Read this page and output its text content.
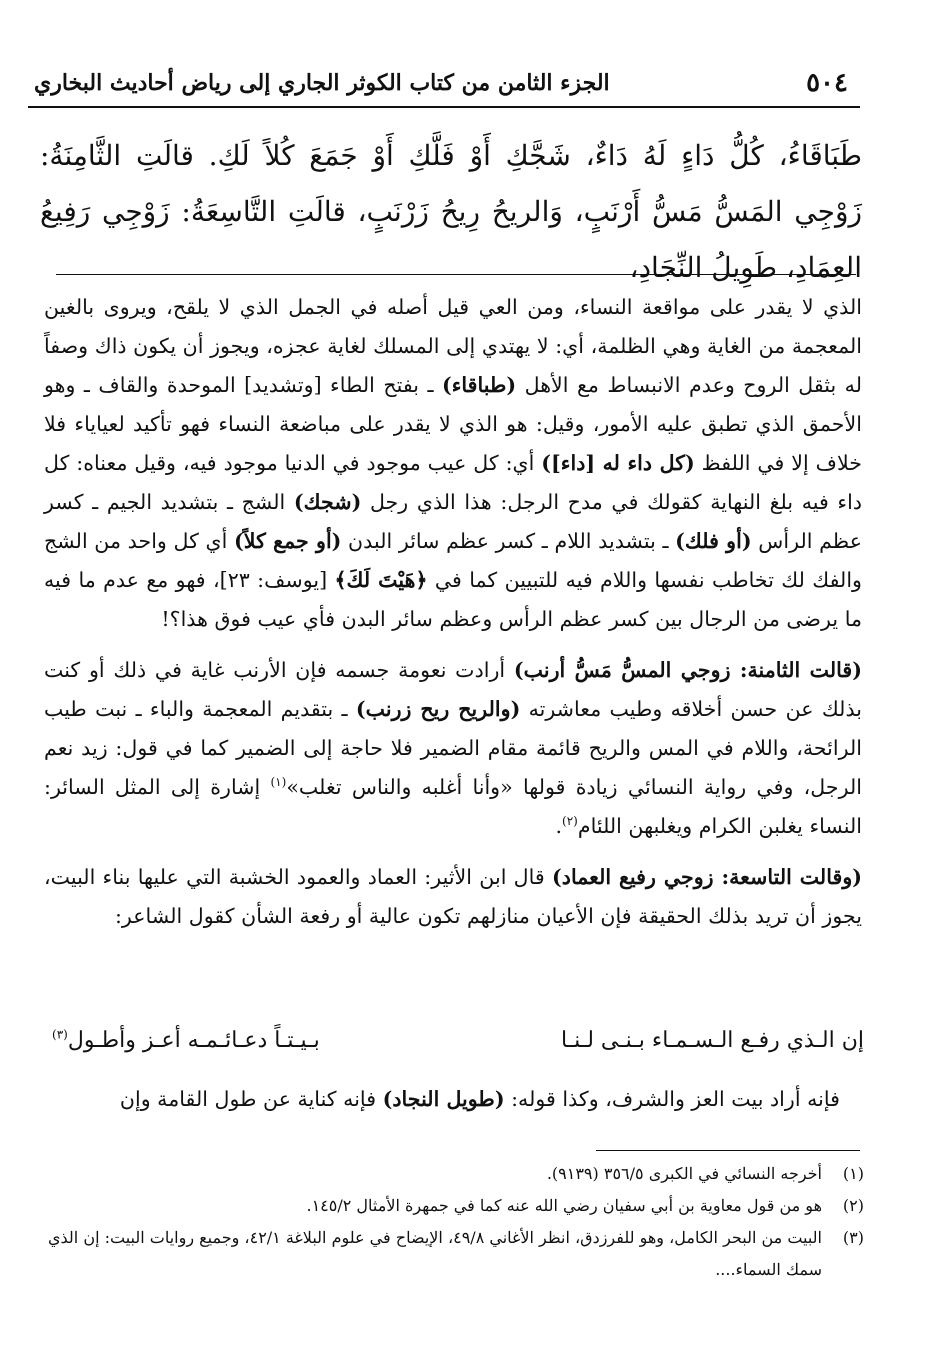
٥٠٤
الجزء الثامن من كتاب الكوثر الجاري إلى رياض أحاديث البخاري
طَبَاقَاءُ، كُلُّ دَاءٍ لَهُ دَاءٌ، شَجَّكِ أَوْ فَلَّكِ أَوْ جَمَعَ كُلاً لَكِ. قالَتِ الثَّامِنَةُ: زَوْجِي المَسُّ مَسُّ أَرْنَبٍ، وَالريحُ رِيحُ زَرْنَبٍ، قالَتِ التَّاسِعَةُ: زَوْجِي رَفِيعُ العِمَادِ، طَوِيلُ النِّجَادِ،

الذي لا يقدر على مواقعة النساء، ومن العي قيل أصله في الجمل الذي لا يلقح، ويروى بالغين المعجمة من الغاية وهي الظلمة، أي: لا يهتدي إلى المسلك لغاية عجزه، ويجوز أن يكون ذاك وصفاً له بثقل الروح وعدم الانبساط مع الأهل (طباقاء) ـ بفتح الطاء [وتشديد] الموحدة والقاف ـ وهو الأحمق الذي تطبق عليه الأمور، وقيل: هو الذي لا يقدر على مباضعة النساء فهو تأكيد لعياياء فلا خلاف إلا في اللفظ (كل داء له [داء]) أي: كل عيب موجود في الدنيا موجود فيه، وقيل معناه: كل داء فيه بلغ النهاية كقولك في مدح الرجل: هذا الذي رجل (شجك) الشج ـ بتشديد الجيم ـ كسر عظم الرأس (أو فلك) ـ بتشديد اللام ـ كسر عظم سائر البدن (أو جمع كلاً) أي كل واحد من الشج والفك لك تخاطب نفسها واللام فيه للتبيين كما في ﴿هَيْتَ لَكَ﴾ [يوسف: ٢٣]، فهو مع عدم ما فيه ما يرضى من الرجال بين كسر عظم الرأس وعظم سائر البدن فأي عيب فوق هذا؟!

(قالت الثامنة: زوجي المسُّ مَسُّ أرنب) أرادت نعومة جسمه فإن الأرنب غاية في ذلك أو كنت بذلك عن حسن أخلاقه وطيب معاشرته (والريح ريح زرنب) ـ بتقديم المعجمة والباء ـ نبت طيب الرائحة، واللام في المس والريح قائمة مقام الضمير فلا حاجة إلى الضمير كما في قول: زيد نعم الرجل، وفي رواية النسائي زيادة قولها «وأنا أغلبه والناس تغلب»$^{(١)}$ إشارة إلى المثل السائر: النساء يغلبن الكرام ويغلبهن اللئام$^{(٢)}$.

(وقالت التاسعة: زوجي رفيع العماد) قال ابن الأثير: العماد والعمود الخشبة التي عليها بناء البيت، يجوز أن تريد بذلك الحقيقة فإن الأعيان منازلهم تكون عالية أو رفعة الشأن كقول الشاعر:

إن الـذي رفـع الـسـمـاء بـنـى لـنـا
بـيـتـاً دعـائـمـه أعـز وأطـول$^{(٣)}$
فإنه أراد بيت العز والشرف، وكذا قوله: (طويل النجاد) فإنه كناية عن طول القامة وإن
(١)
أخرجه النسائي في الكبرى ٣٥٦/٥ (٩١٣٩).
(٢)
هو من قول معاوية بن أبي سفيان رضي الله عنه كما في جمهرة الأمثال ١٤٥/٢.
(٣)
البيت من البحر الكامل، وهو للفرزدق، انظر الأغاني ٤٩/٨، الإيضاح في علوم البلاغة ٤٢/١، وجميع روايات البيت: إن الذي سمك السماء....
